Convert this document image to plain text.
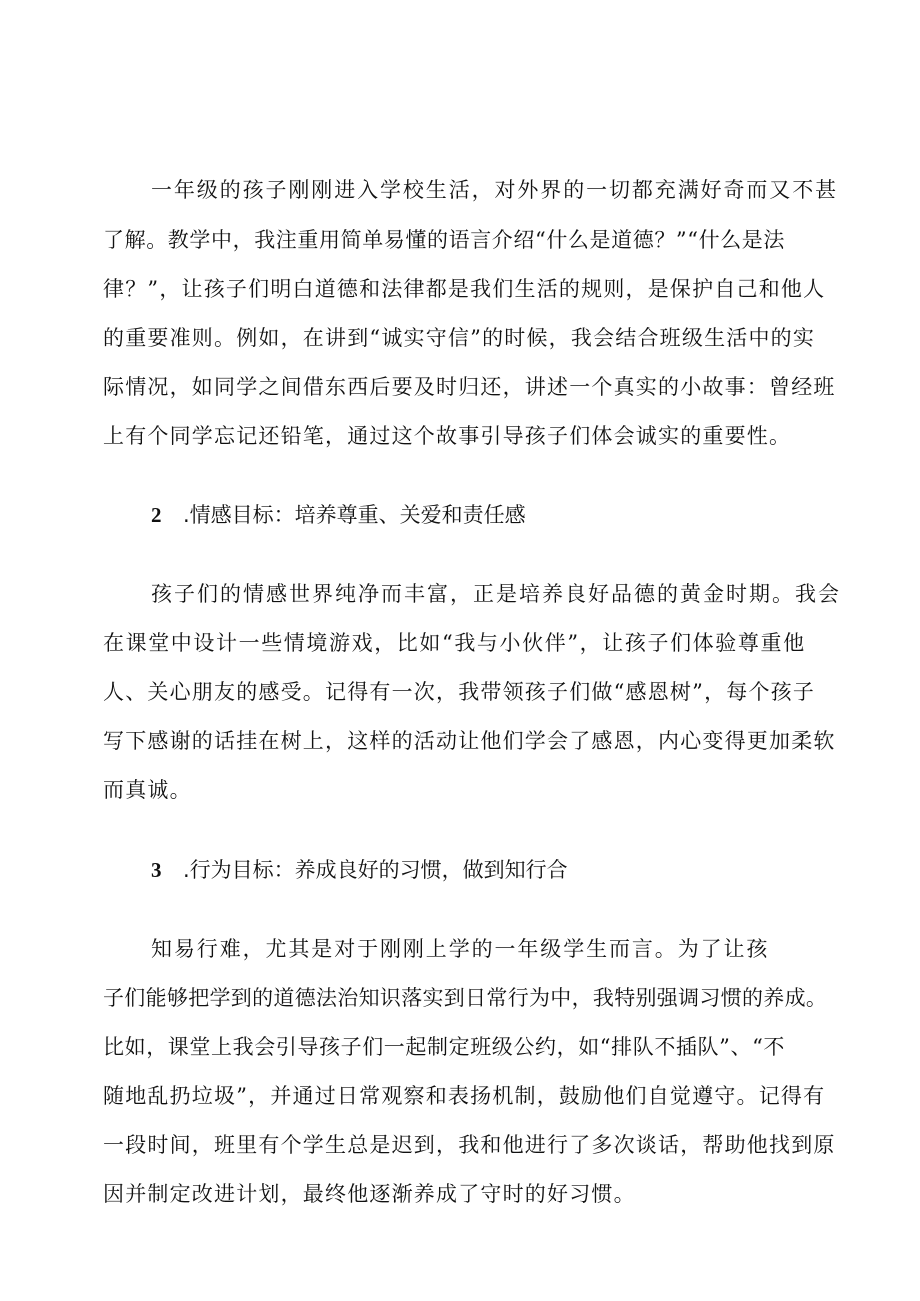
一年级的孩子刚刚进入学校生活，对外界的一切都充满好奇而又不甚
了解。教学中，我注重用简单易懂的语言介绍“什么是道德？”“什么是法
律？”，让孩子们明白道德和法律都是我们生活的规则，是保护自己和他人
的重要准则。例如，在讲到“诚实守信”的时候，我会结合班级生活中的实
际情况，如同学之间借东西后要及时归还，讲述一个真实的小故事：曾经班
上有个同学忘记还铅笔，通过这个故事引导孩子们体会诚实的重要性。
2 .情感目标：培养尊重、关爱和责任感
孩子们的情感世界纯净而丰富，正是培养良好品德的黄金时期。我会
在课堂中设计一些情境游戏，比如“我与小伙伴”，让孩子们体验尊重他
人、关心朋友的感受。记得有一次，我带领孩子们做“感恩树”，每个孩子
写下感谢的话挂在树上，这样的活动让他们学会了感恩，内心变得更加柔软
而真诚。
3 .行为目标：养成良好的习惯，做到知行合
知易行难，尤其是对于刚刚上学的一年级学生而言。为了让孩
子们能够把学到的道德法治知识落实到日常行为中，我特别强调习惯的养成。
比如，课堂上我会引导孩子们一起制定班级公约，如“排队不插队”、“不
随地乱扔垃圾”，并通过日常观察和表扬机制，鼓励他们自觉遵守。记得有
一段时间，班里有个学生总是迟到，我和他进行了多次谈话，帮助他找到原
因并制定改进计划，最终他逐渐养成了守时的好习惯。
